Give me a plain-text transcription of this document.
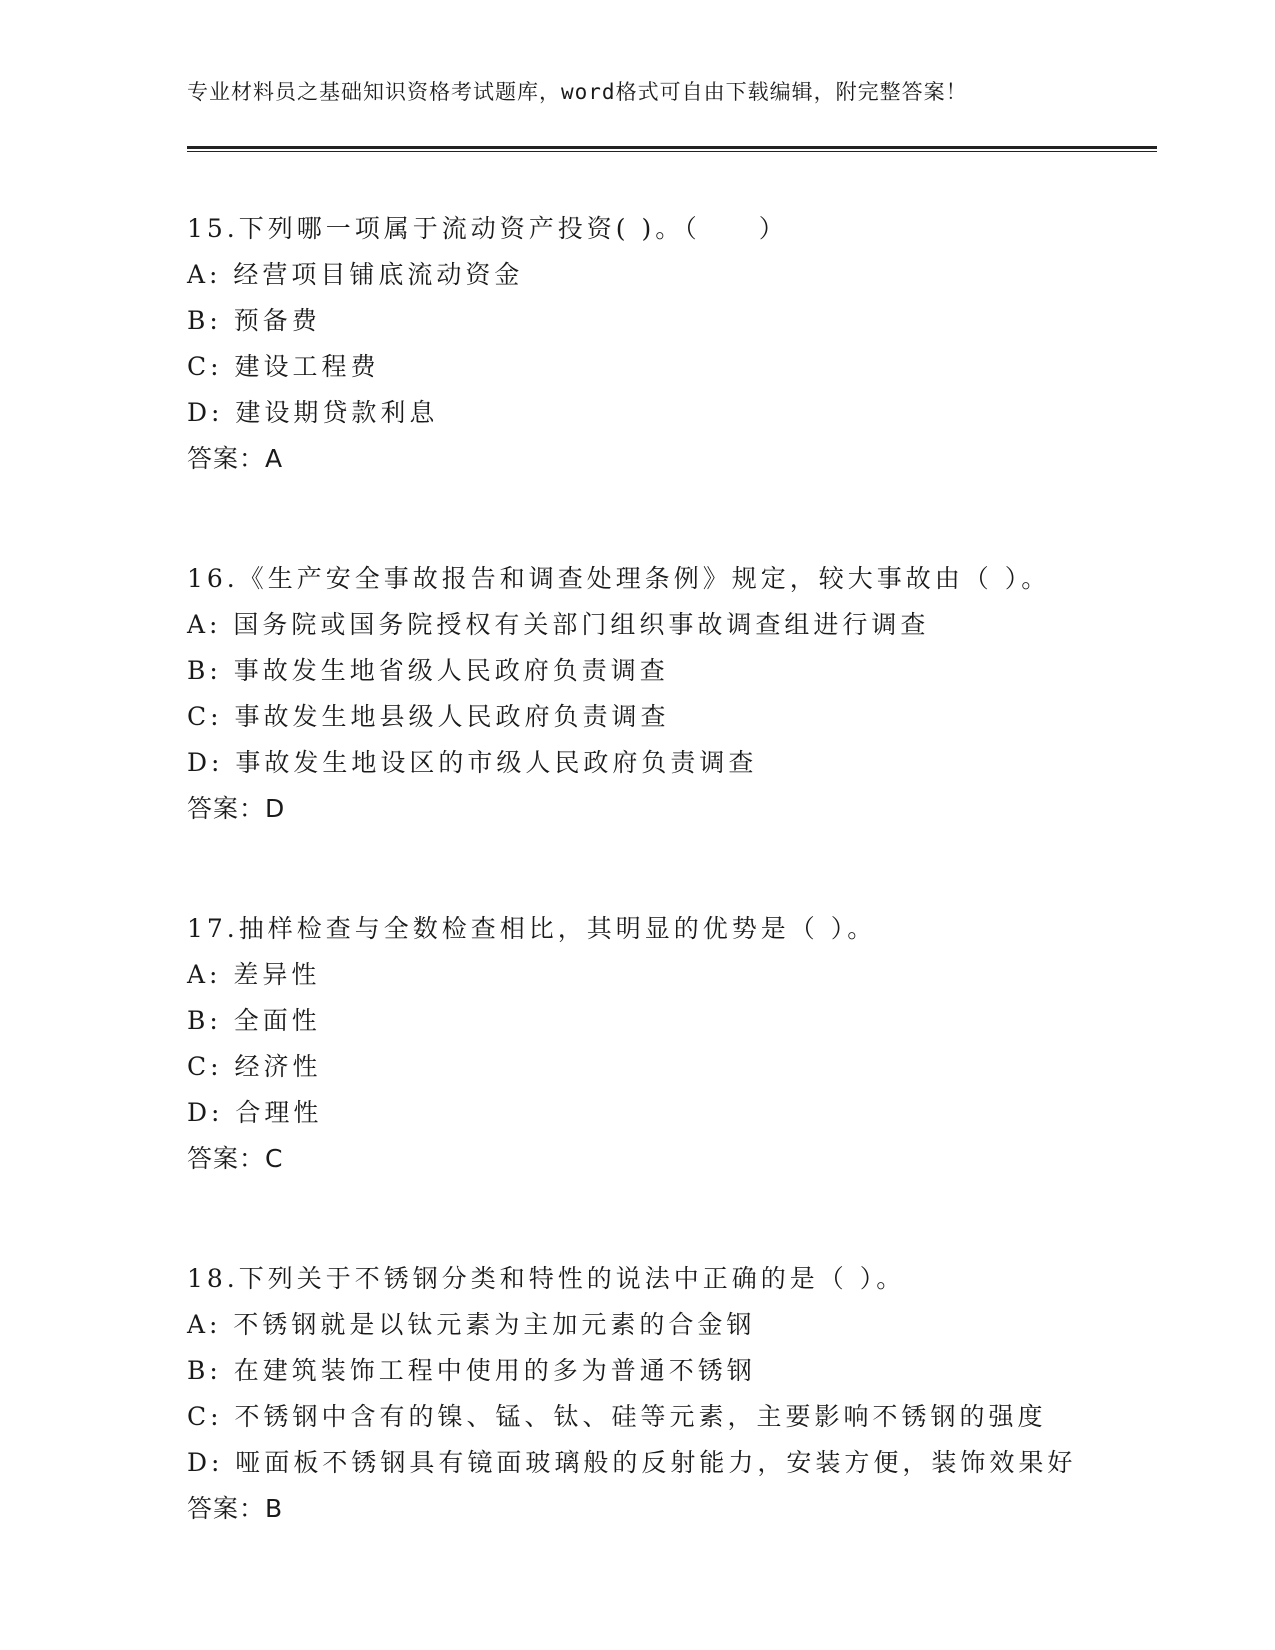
专业材料员之基础知识资格考试题库，word格式可自由下载编辑，附完整答案！
15.下列哪一项属于流动资产投资( )。（　　）
A: 经营项目铺底流动资金
B: 预备费
C: 建设工程费
D: 建设期贷款利息
答案：A
16.《生产安全事故报告和调查处理条例》规定，较大事故由（ ）。
A: 国务院或国务院授权有关部门组织事故调查组进行调查
B: 事故发生地省级人民政府负责调查
C: 事故发生地县级人民政府负责调查
D: 事故发生地设区的市级人民政府负责调查
答案：D
17.抽样检查与全数检查相比，其明显的优势是（ ）。
A: 差异性
B: 全面性
C: 经济性
D: 合理性
答案：C
18.下列关于不锈钢分类和特性的说法中正确的是（ ）。
A: 不锈钢就是以钛元素为主加元素的合金钢
B: 在建筑装饰工程中使用的多为普通不锈钢
C: 不锈钢中含有的镍、锰、钛、硅等元素，主要影响不锈钢的强度
D: 哑面板不锈钢具有镜面玻璃般的反射能力，安装方便，装饰效果好
答案：B
